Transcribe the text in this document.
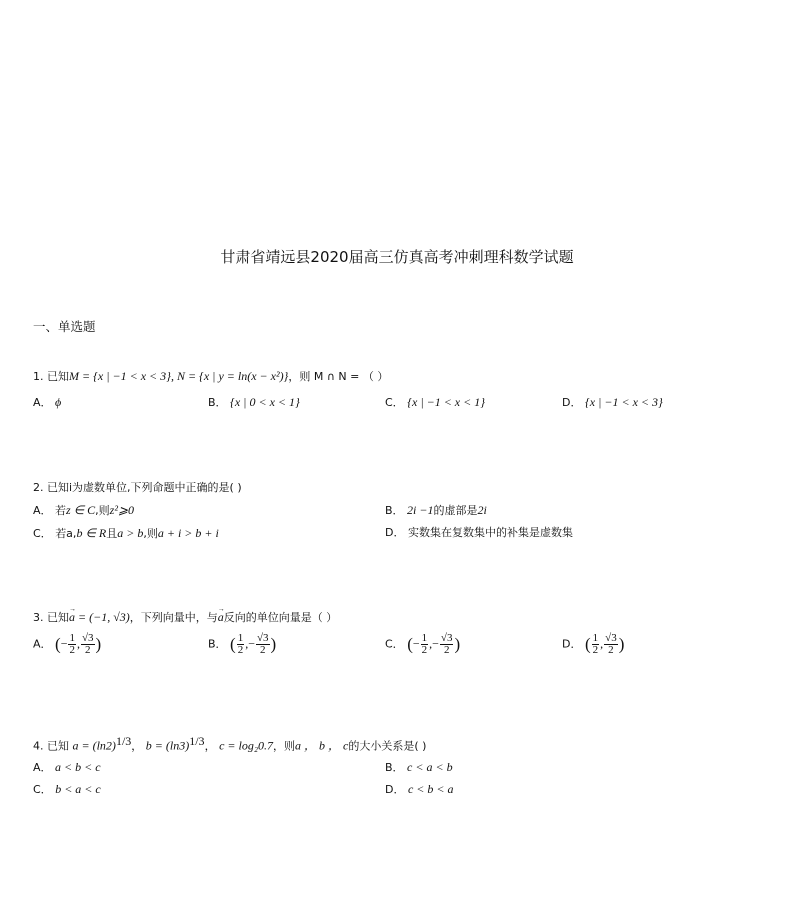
甘肃省靖远县2020届高三仿真高考冲刺理科数学试题
一、单选题
1. 已知M = {x | −1 < x < 3}, N = {x | y = ln(x − x²)}，则 M ∩ N = （ ）
A． ϕ	B． {x | 0 < x < 1}	C． {x | −1 < x < 1}	D． {x | −1 < x < 3}
2. 已知i为虚数单位,下列命题中正确的是( )
A． 若z ∈ C,则z²⩾0	B． 2i −1的虚部是2i
C． 若a,b ∈ R且a > b,则a + i > b + i	D． 实数集在复数集中的补集是虚数集
3. 已知→ a = (−1, √3)，下列向量中，与→ a反向的单位向量是（ ）
A． (− $\frac{1}{2}$ , $\frac{√3}{2}$ )	B． ( $\frac{1}{2}$ ,− $\frac{√3}{2}$ )	C． (− $\frac{1}{2}$ ,− $\frac{√3}{2}$ )	D． ( $\frac{1}{2}$ , $\frac{√3}{2}$ )
4. 已知 $a = (\ln 2)^{1/3}$， $b = (\ln 3)^{1/3}$， c = log₂0.7，则a ， b ， c的大小关系是( )
A． a < b < c	B． c < a < b
C． b < a < c	D． c < b < a
